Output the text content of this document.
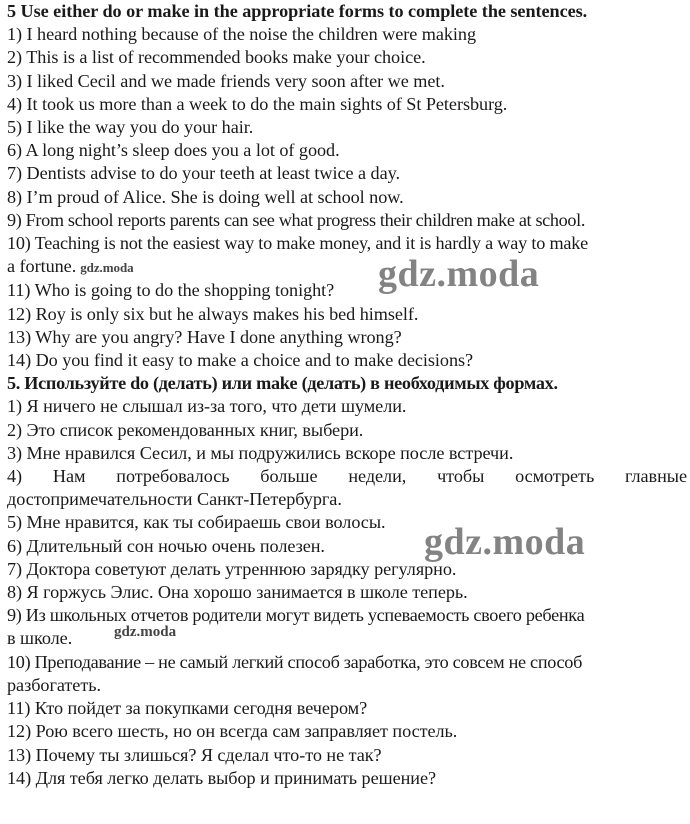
5 Use either do or make in the appropriate forms to complete the sentences.
1) I heard nothing because of the noise the children were making
2) This is a list of recommended books make your choice.
3) I liked Cecil and we made friends very soon after we met.
4) It took us more than a week to do the main sights of St Petersburg.
5) I like the way you do your hair.
6) A long night’s sleep does you a lot of good.
7) Dentists advise to do your teeth at least twice a day.
8) I’m proud of Alice. She is doing well at school now.
9) From school reports parents can see what progress their children make at school.
10) Teaching is not the easiest way to make money, and it is hardly a way to make
a fortune. gdz.moda
11) Who is going to do the shopping tonight?
12) Roy is only six but he always makes his bed himself.
13) Why are you angry? Have I done anything wrong?
14) Do you find it easy to make a choice and to make decisions?
5. Используйте do (делать) или make (делать) в необходимых формах.
1) Я ничего не слышал из-за того, что дети шумели.
2) Это список рекомендованных книг, выбери.
3) Мне нравился Сесил, и мы подружились вскоре после встречи.
4) Нам потребовалось больше недели, чтобы осмотреть главные
достопримечательности Санкт-Петербурга.
5) Мне нравится, как ты собираешь свои волосы.
6) Длительный сон ночью очень полезен.
7) Доктора советуют делать утреннюю зарядку регулярно.
8) Я горжусь Элис. Она хорошо занимается в школе теперь.
9) Из школьных отчетов родители могут видеть успеваемость своего ребенка
в школе.
10) Преподавание – не самый легкий способ заработка, это совсем не способ
разбогатеть.
11) Кто пойдет за покупками сегодня вечером?
12) Рою всего шесть, но он всегда сам заправляет постель.
13) Почему ты злишься? Я сделал что-то не так?
14) Для тебя легко делать выбор и принимать решение?
gdz.moda
gdz.moda
gdz.moda
